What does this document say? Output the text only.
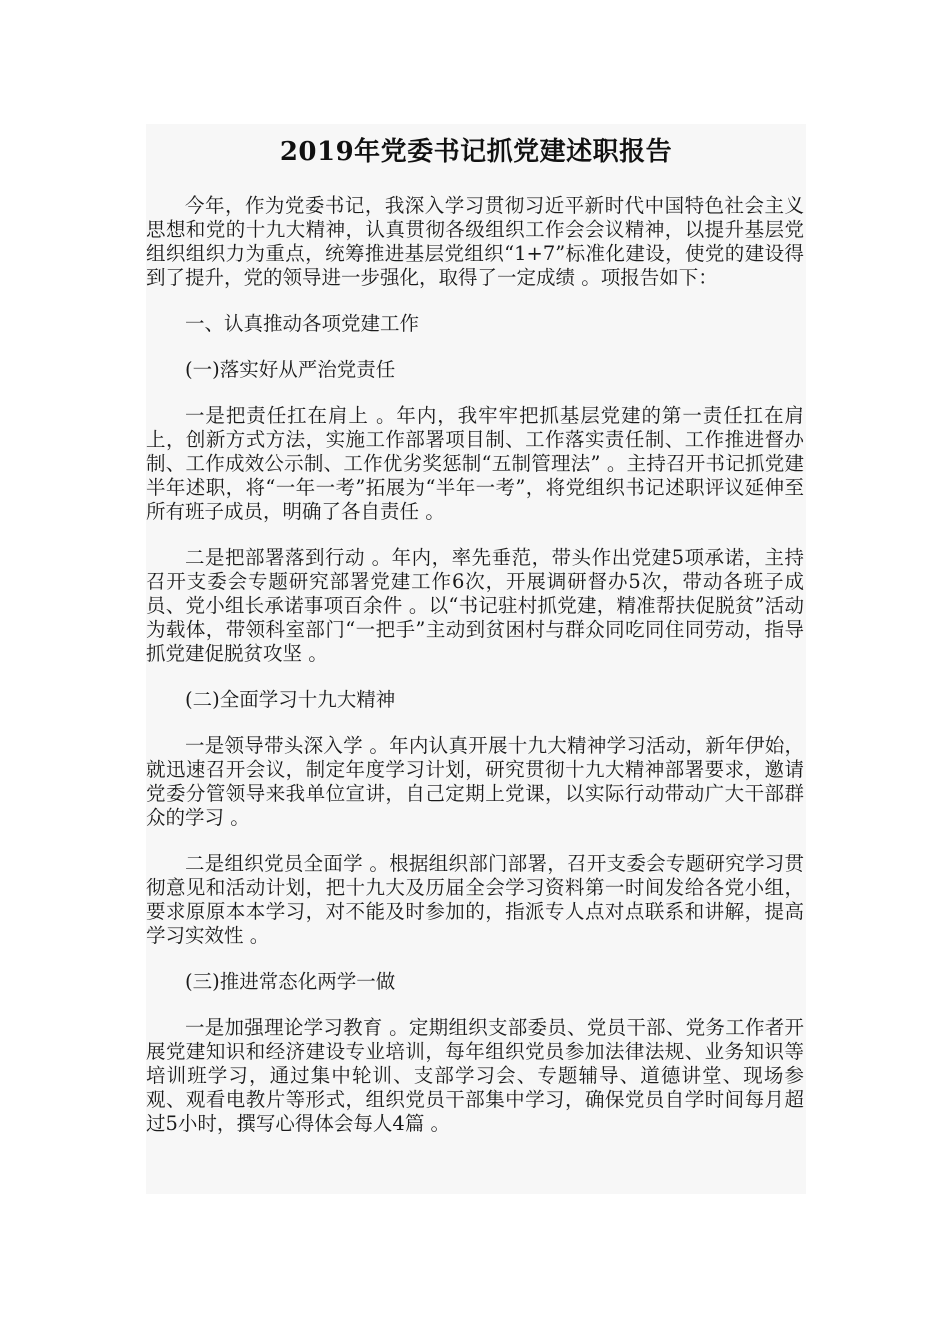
2019年党委书记抓党建述职报告

今年，作为党委书记，我深入学习贯彻习近平新时代中国特色社会主义思想和党的十九大精神，认真贯彻各级组织工作会会议精神，以提升基层党组织组织力为重点，统筹推进基层党组织“1+7”标准化建设，使党的建设得到了提升，党的领导进一步强化，取得了一定成绩 。项报告如下：

一、认真推动各项党建工作

(一)落实好从严治党责任

一是把责任扛在肩上 。年内，我牢牢把抓基层党建的第一责任扛在肩上，创新方式方法，实施工作部署项目制、工作落实责任制、工作推进督办制、工作成效公示制、工作优劣奖惩制“五制管理法” 。主持召开书记抓党建半年述职，将“一年一考”拓展为“半年一考”，将党组织书记述职评议延伸至所有班子成员，明确了各自责任 。

二是把部署落到行动 。年内，率先垂范，带头作出党建5项承诺，主持召开支委会专题研究部署党建工作6次，开展调研督办5次，带动各班子成员、党小组长承诺事项百余件 。以“书记驻村抓党建，精准帮扶促脱贫”活动为载体，带领科室部门“一把手”主动到贫困村与群众同吃同住同劳动，指导抓党建促脱贫攻坚 。

(二)全面学习十九大精神

一是领导带头深入学 。年内认真开展十九大精神学习活动，新年伊始，就迅速召开会议，制定年度学习计划，研究贯彻十九大精神部署要求，邀请党委分管领导来我单位宣讲，自己定期上党课，以实际行动带动广大干部群众的学习 。

二是组织党员全面学 。根据组织部门部署，召开支委会专题研究学习贯彻意见和活动计划，把十九大及历届全会学习资料第一时间发给各党小组，要求原原本本学习，对不能及时参加的，指派专人点对点联系和讲解，提高学习实效性 。

(三)推进常态化两学一做

一是加强理论学习教育 。定期组织支部委员、党员干部、党务工作者开展党建知识和经济建设专业培训，每年组织党员参加法律法规、业务知识等培训班学习，通过集中轮训、支部学习会、专题辅导、道德讲堂、现场参观、观看电教片等形式，组织党员干部集中学习，确保党员自学时间每月超过5小时，撰写心得体会每人4篇 。
